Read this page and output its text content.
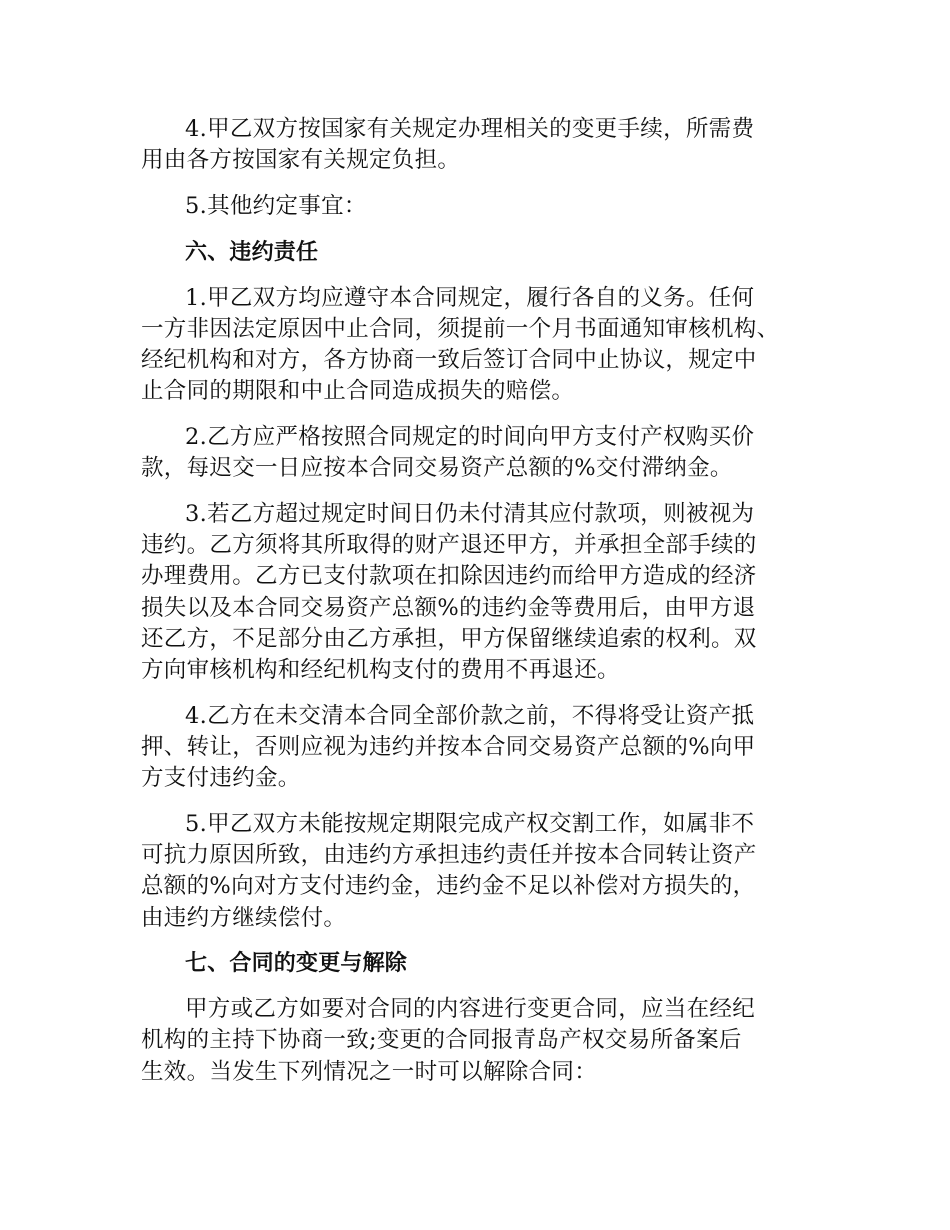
4.甲乙双方按国家有关规定办理相关的变更手续，所需费
用由各方按国家有关规定负担。

5.其他约定事宜：

六、违约责任

1.甲乙双方均应遵守本合同规定，履行各自的义务。任何
一方非因法定原因中止合同，须提前一个月书面通知审核机构、
经纪机构和对方，各方协商一致后签订合同中止协议，规定中
止合同的期限和中止合同造成损失的赔偿。

2.乙方应严格按照合同规定的时间向甲方支付产权购买价
款，每迟交一日应按本合同交易资产总额的%交付滞纳金。

3.若乙方超过规定时间日仍未付清其应付款项，则被视为
违约。乙方须将其所取得的财产退还甲方，并承担全部手续的
办理费用。乙方已支付款项在扣除因违约而给甲方造成的经济
损失以及本合同交易资产总额%的违约金等费用后，由甲方退
还乙方，不足部分由乙方承担，甲方保留继续追索的权利。双
方向审核机构和经纪机构支付的费用不再退还。

4.乙方在未交清本合同全部价款之前，不得将受让资产抵
押、转让，否则应视为违约并按本合同交易资产总额的%向甲
方支付违约金。

5.甲乙双方未能按规定期限完成产权交割工作，如属非不
可抗力原因所致，由违约方承担违约责任并按本合同转让资产
总额的%向对方支付违约金，违约金不足以补偿对方损失的，
由违约方继续偿付。

七、合同的变更与解除

甲方或乙方如要对合同的内容进行变更合同，应当在经纪
机构的主持下协商一致;变更的合同报青岛产权交易所备案后
生效。当发生下列情况之一时可以解除合同：
